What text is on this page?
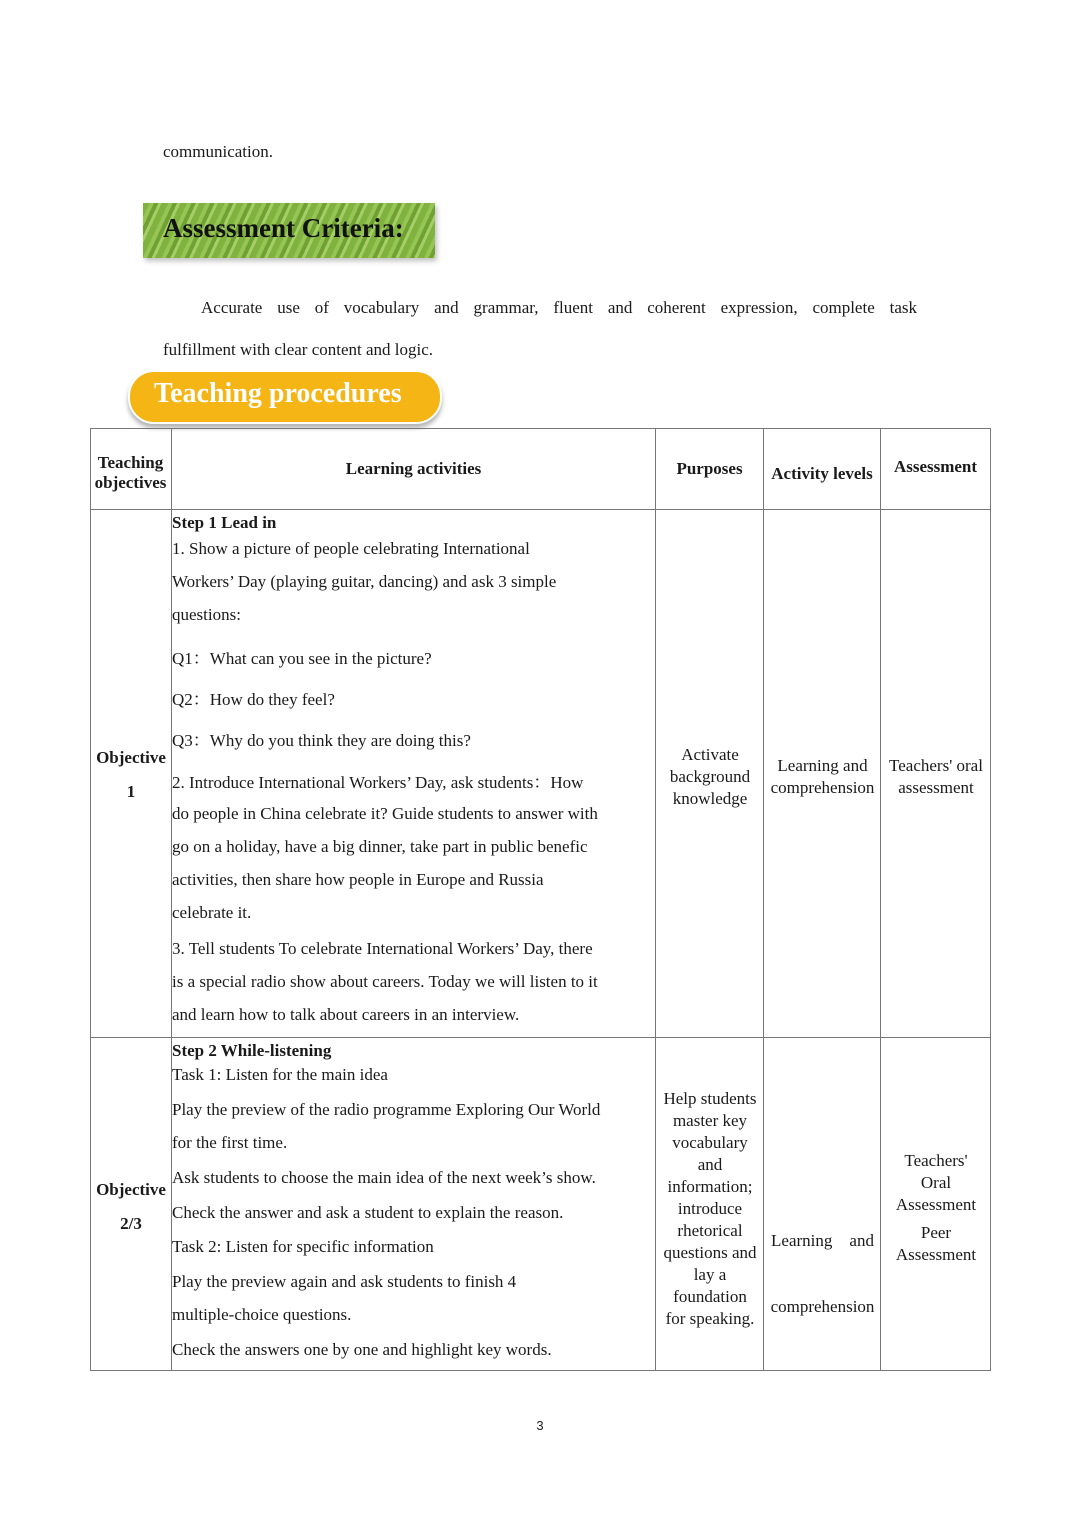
communication.
Assessment Criteria:
Accurate use of vocabulary and grammar, fluent and coherent expression, complete task
fulfillment with clear content and logic.
Teaching procedures
Teaching
objectives
Learning activities	Purposes Activity levels Assessment
Objective
1
Step 1 Lead in
1. Show a picture of people celebrating International
Workers’ Day (playing guitar, dancing) and ask 3 simple
questions:
Q1：What can you see in the picture?
Q2：How do they feel?
Q3：Why do you think they are doing this?
2. Introduce International Workers’ Day, ask students：How
do people in China celebrate it? Guide students to answer with
go on a holiday, have a big dinner, take part in public benefic
activities, then share how people in Europe and Russia
celebrate it.
3. Tell students To celebrate International Workers’ Day, there
is a special radio show about careers. Today we will listen to it
and learn how to talk about careers in an interview.
Activate
background
knowledge
Learning and
comprehension
Teachers' oral
assessment
Objective
2/3
Step 2 While-listening
Task 1: Listen for the main idea
Play the preview of the radio programme Exploring Our World
for the first time.
Ask students to choose the main idea of the next week’s show.
Check the answer and ask a student to explain the reason.
Task 2: Listen for specific information
Play the preview again and ask students to finish 4
multiple-choice questions.
Check the answers one by one and highlight key words.
Help students
master key
vocabulary
and
information;
introduce
rhetorical
questions and
lay a
foundation
for speaking.

Learning    and

comprehension

Teachers'
Oral
Assessment
Peer
Assessment
3
